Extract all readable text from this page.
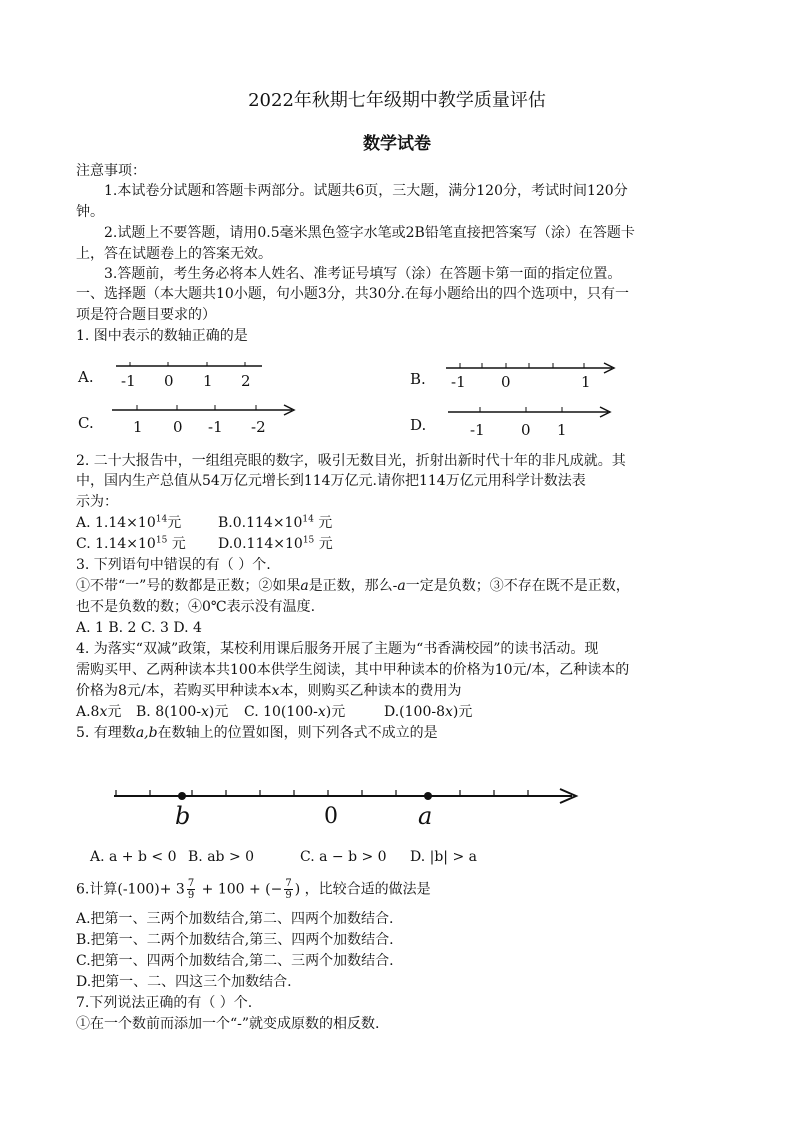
2022年秋期七年级期中教学质量评估
数学试卷
注意事项：
1.本试卷分试题和答题卡两部分。试题共6页，三大题，满分120分，考试时间120分
钟。
2.试题上不要答题，请用0.5毫米黑色签字水笔或2B铅笔直接把答案写（涂）在答题卡
上，答在试题卷上的答案无效。
3.答题前，考生务必将本人姓名、准考证号填写（涂）在答题卡第一面的指定位置。
一、选择题（本大题共10小题，句小题3分，共30分.在每小题给出的四个选项中，只有一
项是符合题目要求的）
1. 图中表示的数轴正确的是
A. -1 0 1 2	B. -1 0	1
C.	1 0 -1 -2	D.	-1 0 1
2. 二十大报告中，一组组亮眼的数字，吸引无数目光，折射出新时代十年的非凡成就。其
中，国内生产总值从54万亿元增长到114万亿元.请你把114万亿元用科学计数法表
示为：
A. $1.14\times 10^{14}$元	$B.0.114\times 10^{14}$ 元
C. $1.14\times 10^{15}$ 元 $D.0.114\times 10^{15}$ 元
3. 下列语句中错误的有（ ）个.
①不带“一”号的数都是正数；②如果a是正数，那么-a一定是负数；③不存在既不是正数，
也不是负数的数；④0℃表示没有温度.
A. 1 B. 2 C. 3 D. 4
4. 为落实“双减”政策，某校利用课后服务开展了主题为“书香满校园”的读书活动。现
需购买甲、乙两种读本共100本供学生阅读，其中甲种读本的价格为10元/本，乙种读本的
价格为8元/本，若购买甲种读本x本，则购买乙种读本的费用为
A.8x元 B. 8(100-x)元 C. 10(100-x)元	D.(100-8x)元
5. 有理数a,b在数轴上的位置如图，则下列各式不成立的是
b	0	a
A. a + b < 0 B. ab > 0	C. a − b > 0 D. |b| > a
6.计算$(-100)+ 3 \frac{7}{9} + 100$ + (− $\frac{7}{9}$ ) ，比较合适的做法是
A.把第一、三两个加数结合,第二、四两个加数结合.
B.把第一、二两个加数结合,第三、四两个加数结合.
C.把第一、四两个加数结合,第二、三两个加数结合.
D.把第一、二、四这三个加数结合.
7.下列说法正确的有（ ）个.
①在一个数前而添加一个“-”就变成原数的相反数.
